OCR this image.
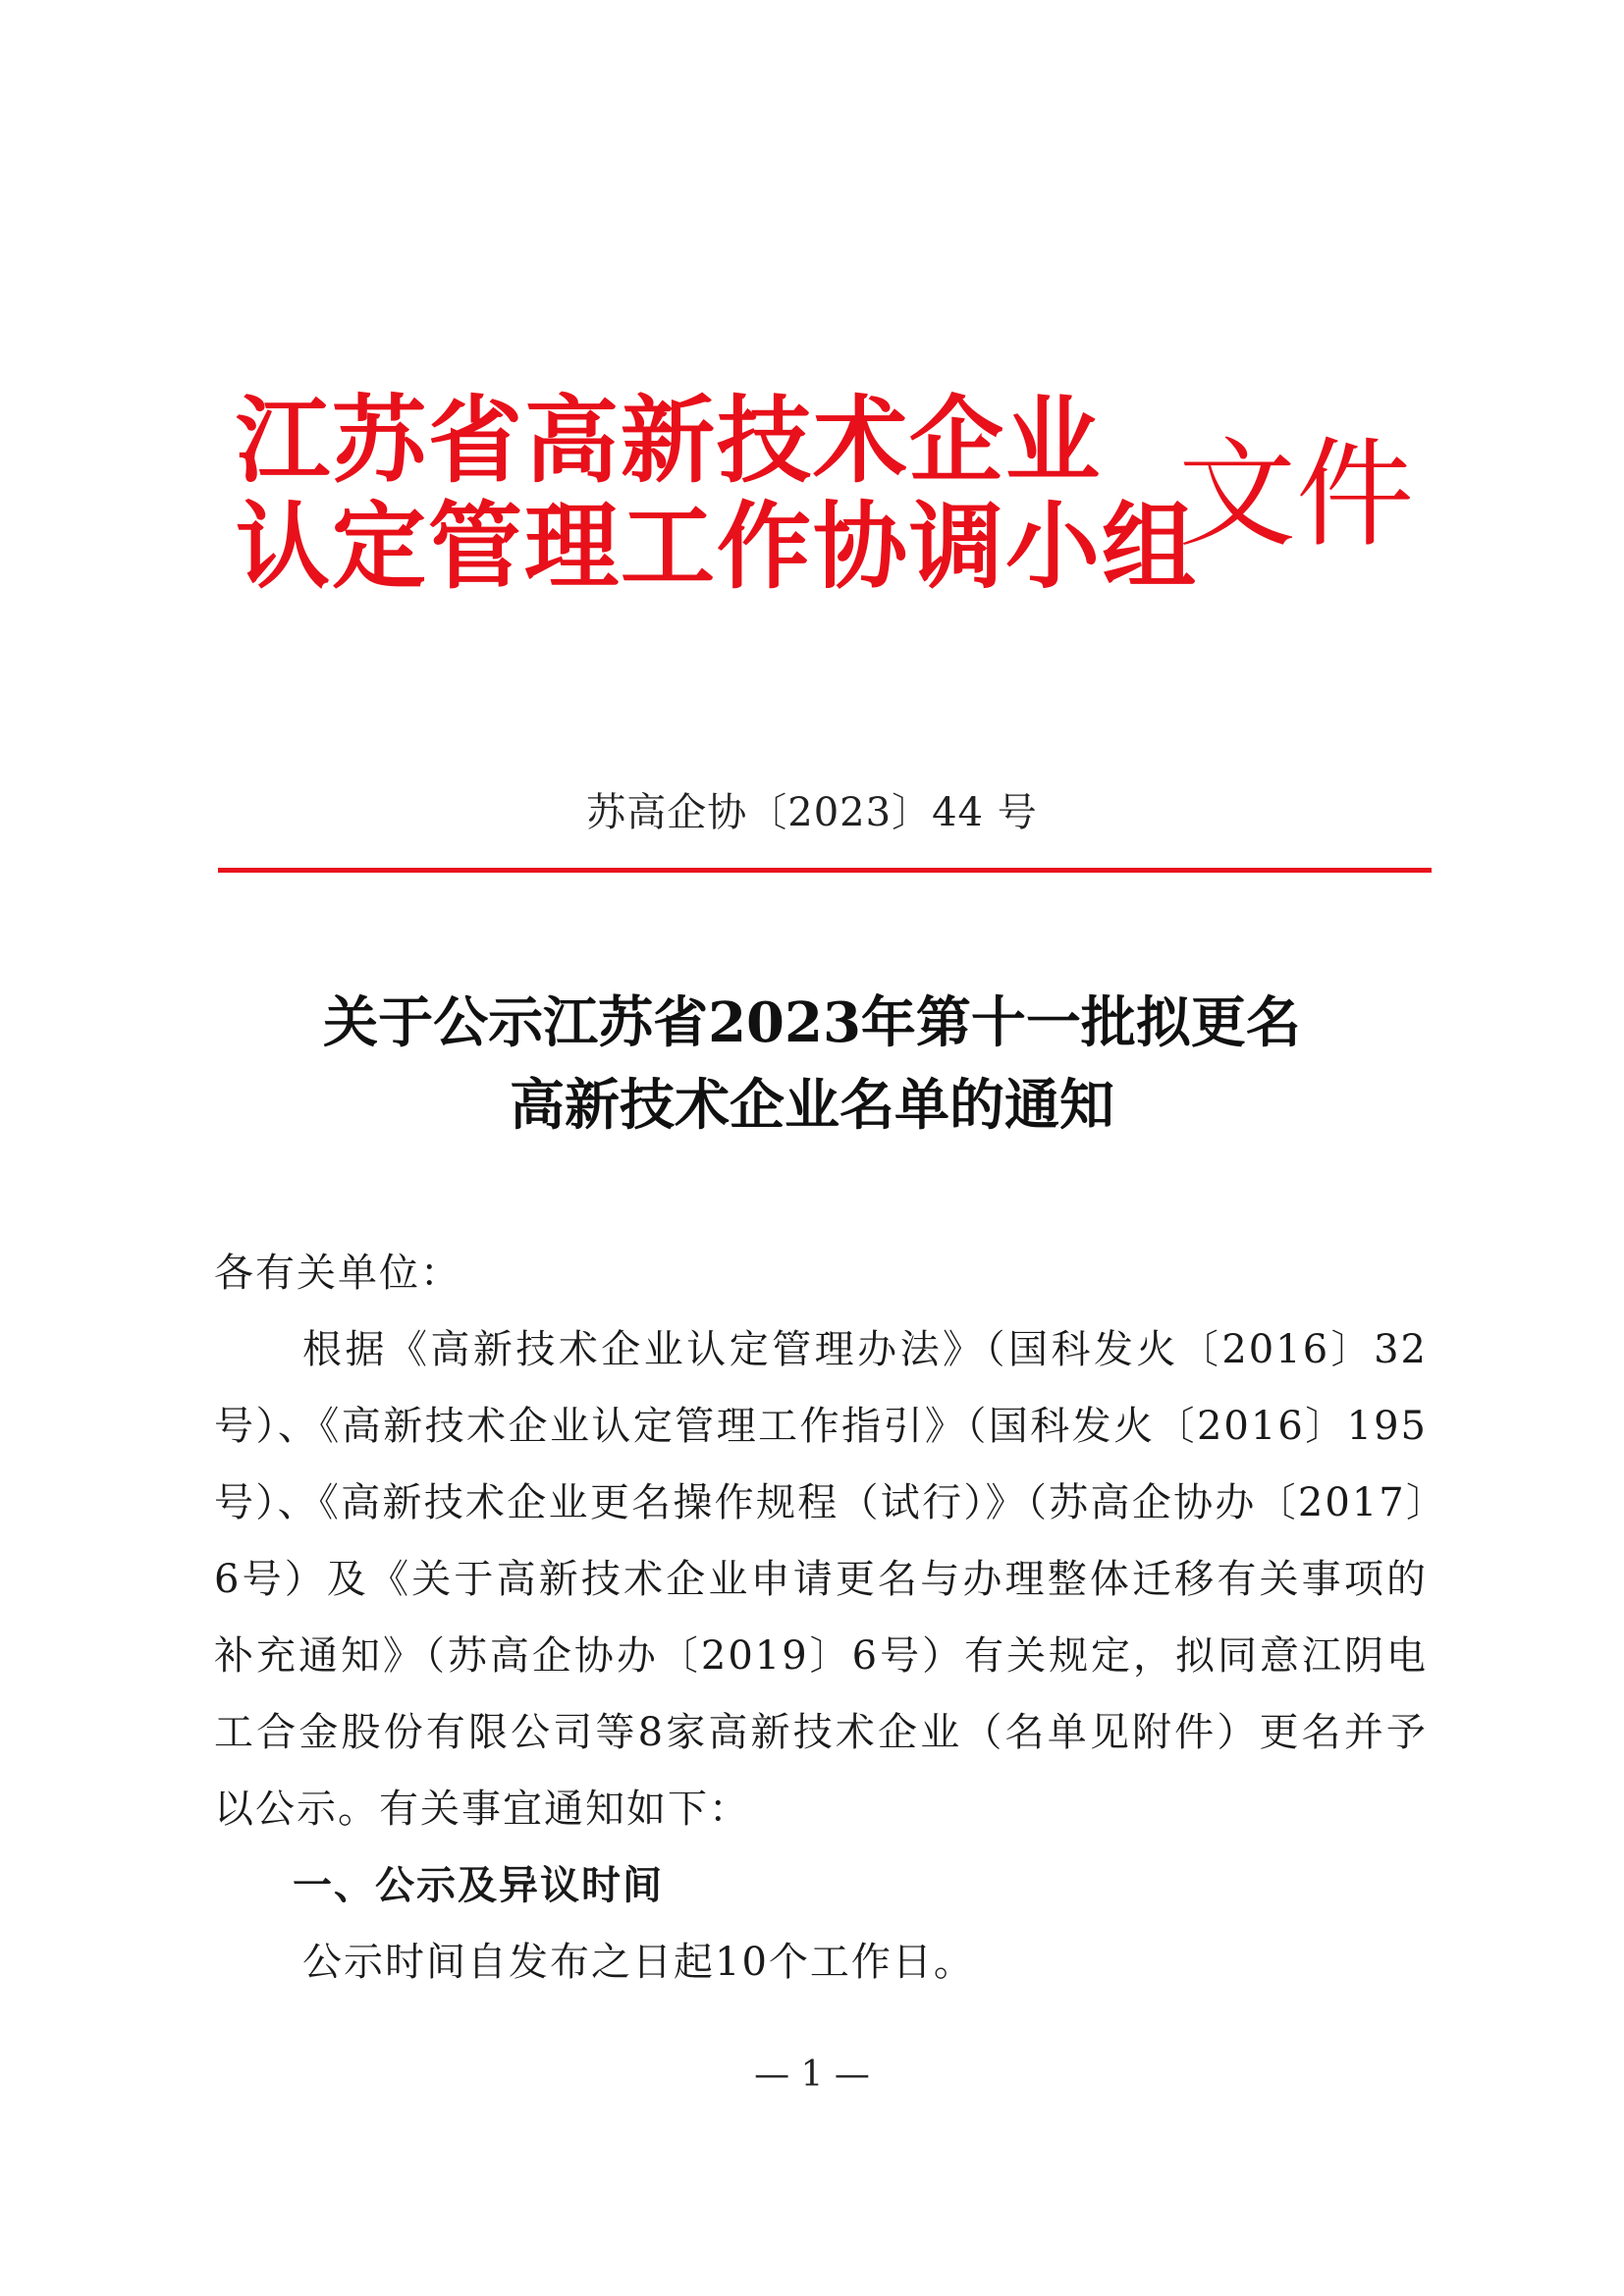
江苏省高新技术企业
认定管理工作协调小组
文件
苏高企协〔2023〕44 号
关于公示江苏省2023年第十一批拟更名
高新技术企业名单的通知

各有关单位：

根据《高新技术企业认定管理办法》（国科发火〔2016〕32号）、《高新技术企业认定管理工作指引》（国科发火〔2016〕195号）、《高新技术企业更名操作规程（试行）》（苏高企协办〔2017〕6号）及《关于高新技术企业申请更名与办理整体迁移有关事项的补充通知》（苏高企协办〔2019〕6号）有关规定，拟同意江阴电工合金股份有限公司等8家高新技术企业（名单见附件）更名并予以公示。有关事宜通知如下：

一、公示及异议时间

公示时间自发布之日起10个工作日。

— 1 —
